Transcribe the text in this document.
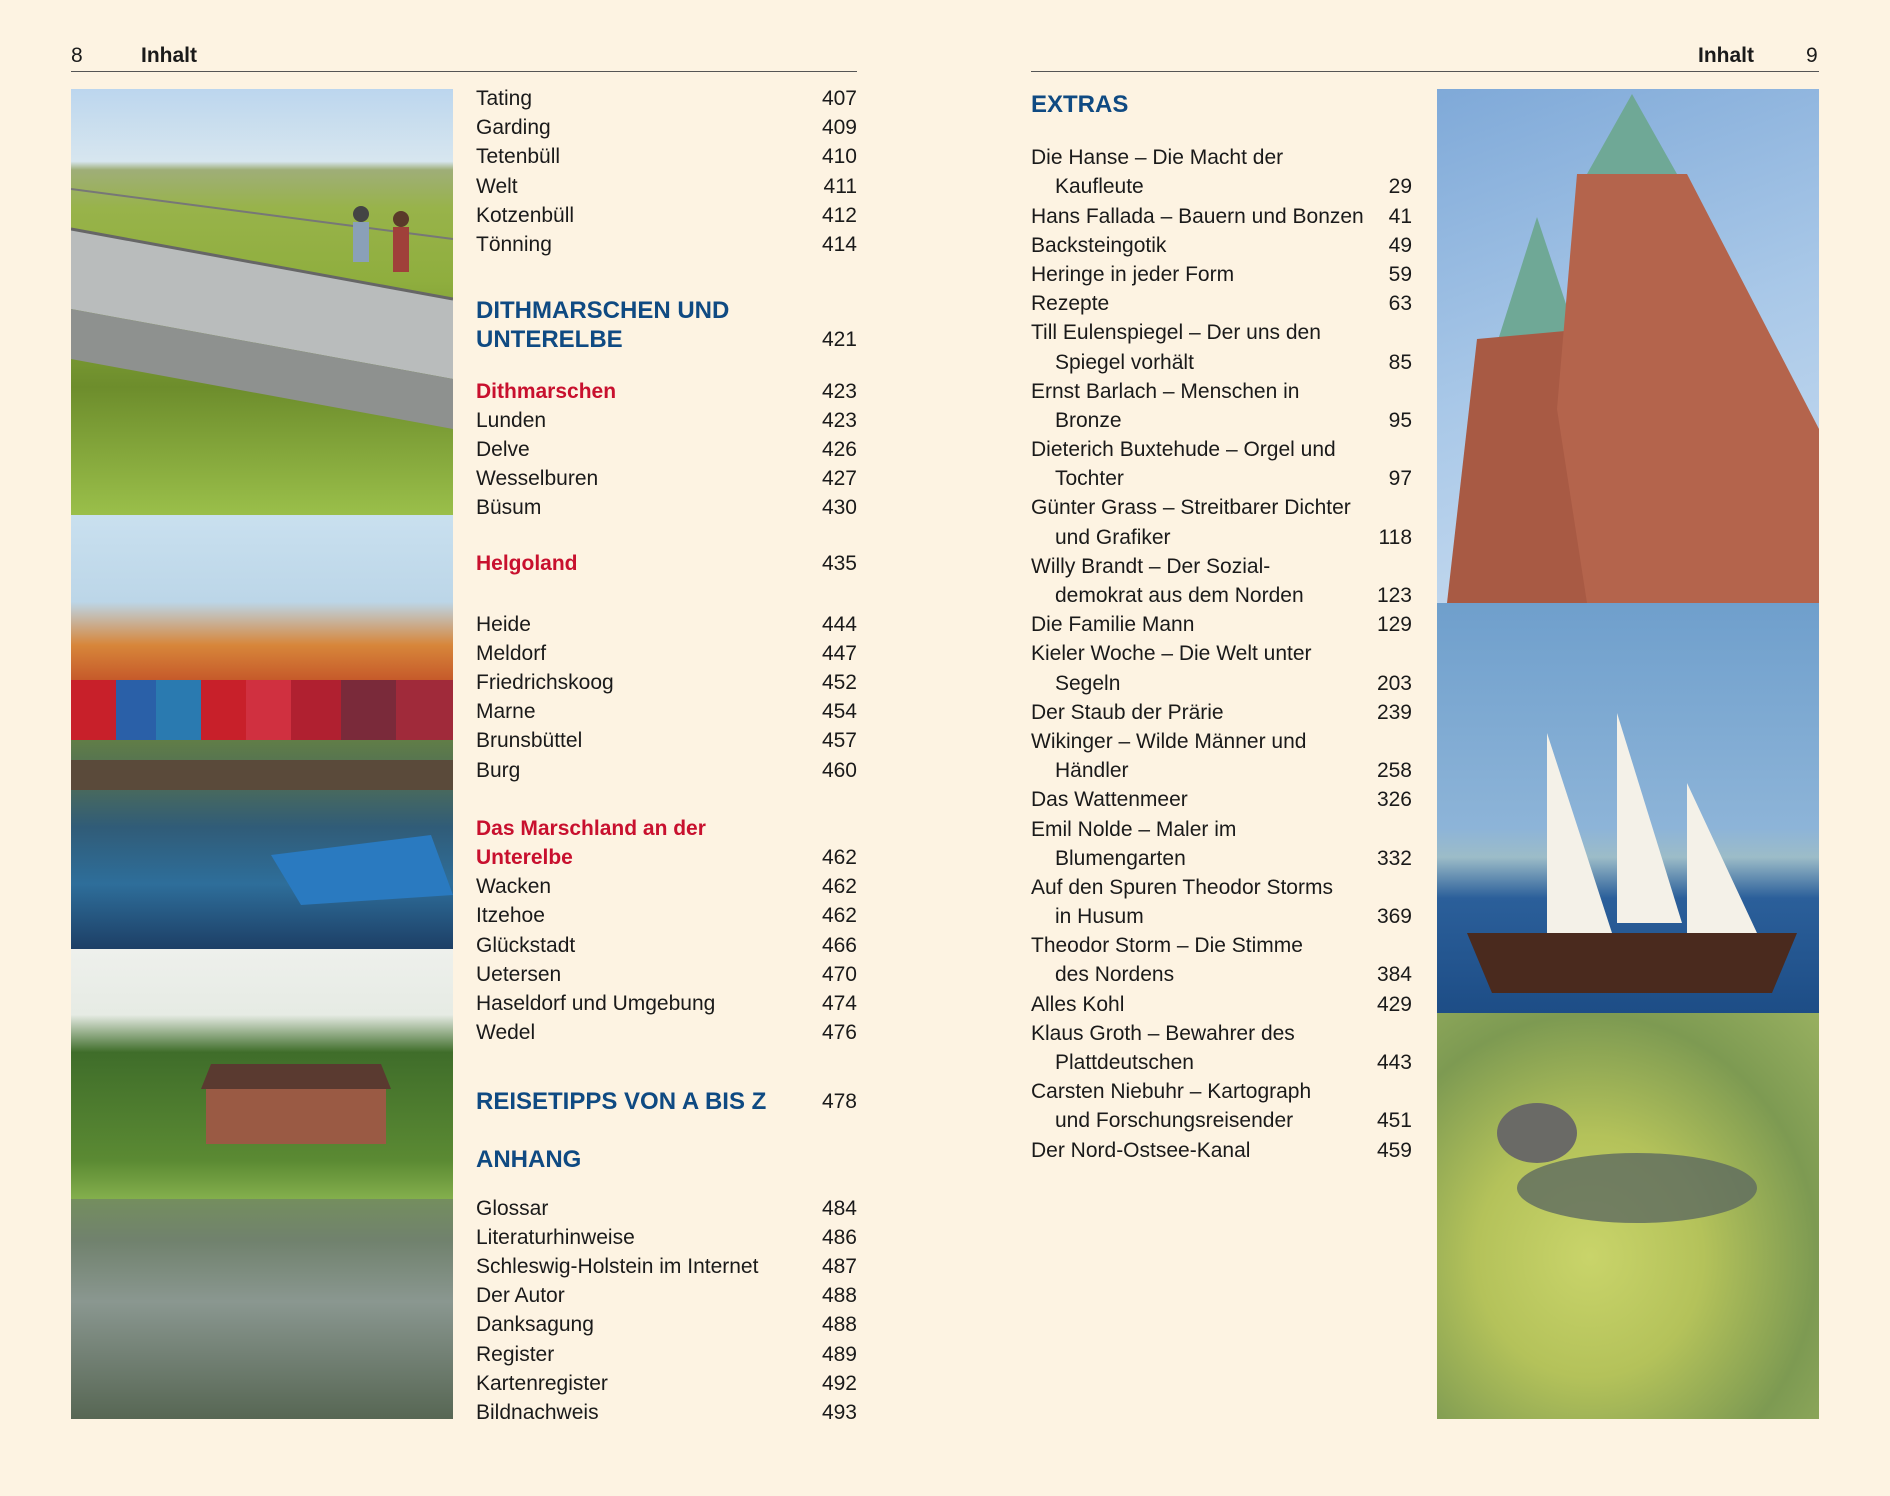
8	Inhalt	Inhalt 9
Tating	407
Garding	409
Tetenbüll	410
Welt	411
Kotzenbüll	412
Tönning	414
DITHMARSCHEN UND
UNTERELBE	421
Dithmarschen	423
Lunden	423
Delve	426
Wesselburen	427
Büsum	430
Helgoland	435
Heide	444
Meldorf	447
Friedrichskoog	452
Marne	454
Brunsbüttel	457
Burg	460
Das Marschland an der
Unterelbe	462
Wacken	462
Itzehoe	462
Glückstadt	466
Uetersen	470
Haseldorf und Umgebung	474
Wedel	476
REISETIPPS VON A BIS Z	478
ANHANG
Glossar	484
Literaturhinweise	486
Schleswig-Holstein im Internet	487
Der Autor	488
Danksagung	488
Register	489
Kartenregister	492
Bildnachweis	493
EXTRAS
Die Hanse – Die Macht der
Kaufleute	29
Hans Fallada – Bauern und Bonzen 41
Backsteingotik	49
Heringe in jeder Form	59
Rezepte	63
Till Eulenspiegel – Der uns den
Spiegel vorhält	85
Ernst Barlach – Menschen in
Bronze	95
Dieterich Buxtehude – Orgel und
Tochter	97
Günter Grass – Streitbarer Dichter
und Grafiker	118
Willy Brandt – Der Sozial-
demokrat aus dem Norden	123
Die Familie Mann	129
Kieler Woche – Die Welt unter
Segeln	203
Der Staub der Prärie	239
Wikinger – Wilde Männer und
Händler	258
Das Wattenmeer	326
Emil Nolde – Maler im
Blumengarten	332
Auf den Spuren Theodor Storms
in Husum	369
Theodor Storm – Die Stimme
des Nordens	384
Alles Kohl	429
Klaus Groth – Bewahrer des
Plattdeutschen	443
Carsten Niebuhr – Kartograph
und Forschungsreisender	451
Der Nord-Ostsee-Kanal	459
